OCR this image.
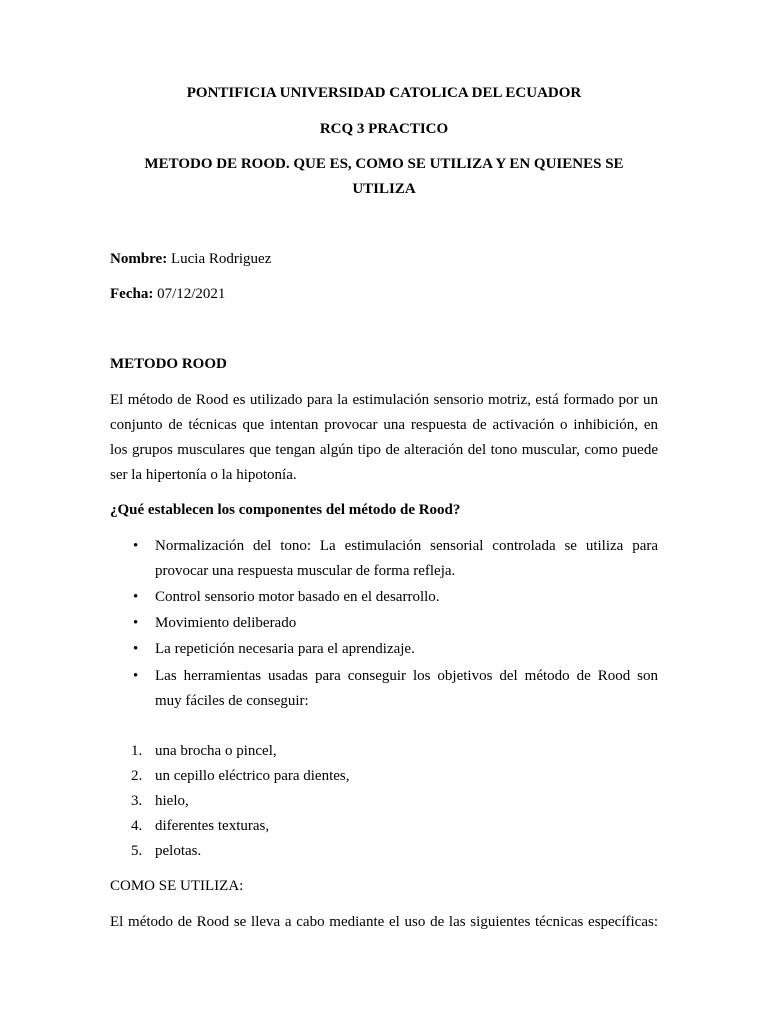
PONTIFICIA UNIVERSIDAD CATOLICA DEL ECUADOR
RCQ 3 PRACTICO
METODO DE ROOD. QUE ES, COMO SE UTILIZA Y EN QUIENES SE
UTILIZA
Nombre: Lucia Rodriguez
Fecha: 07/12/2021
METODO ROOD
El método de Rood es utilizado para la estimulación sensorio motriz, está formado por un
conjunto de técnicas que intentan provocar una respuesta de activación o inhibición, en
los grupos musculares que tengan algún tipo de alteración del tono muscular, como puede
ser la hipertonía o la hipotonía.
¿Qué establecen los componentes del método de Rood?
• Normalización del tono: La estimulación sensorial controlada se utiliza para
provocar una respuesta muscular de forma refleja.
• Control sensorio motor basado en el desarrollo.
• Movimiento deliberado
• La repetición necesaria para el aprendizaje.
• Las herramientas usadas para conseguir los objetivos del método de Rood son
muy fáciles de conseguir:
1. una brocha o pincel,
2. un cepillo eléctrico para dientes,
3. hielo,
4. diferentes texturas,
5. pelotas.
COMO SE UTILIZA:
El método de Rood se lleva a cabo mediante el uso de las siguientes técnicas específicas:
